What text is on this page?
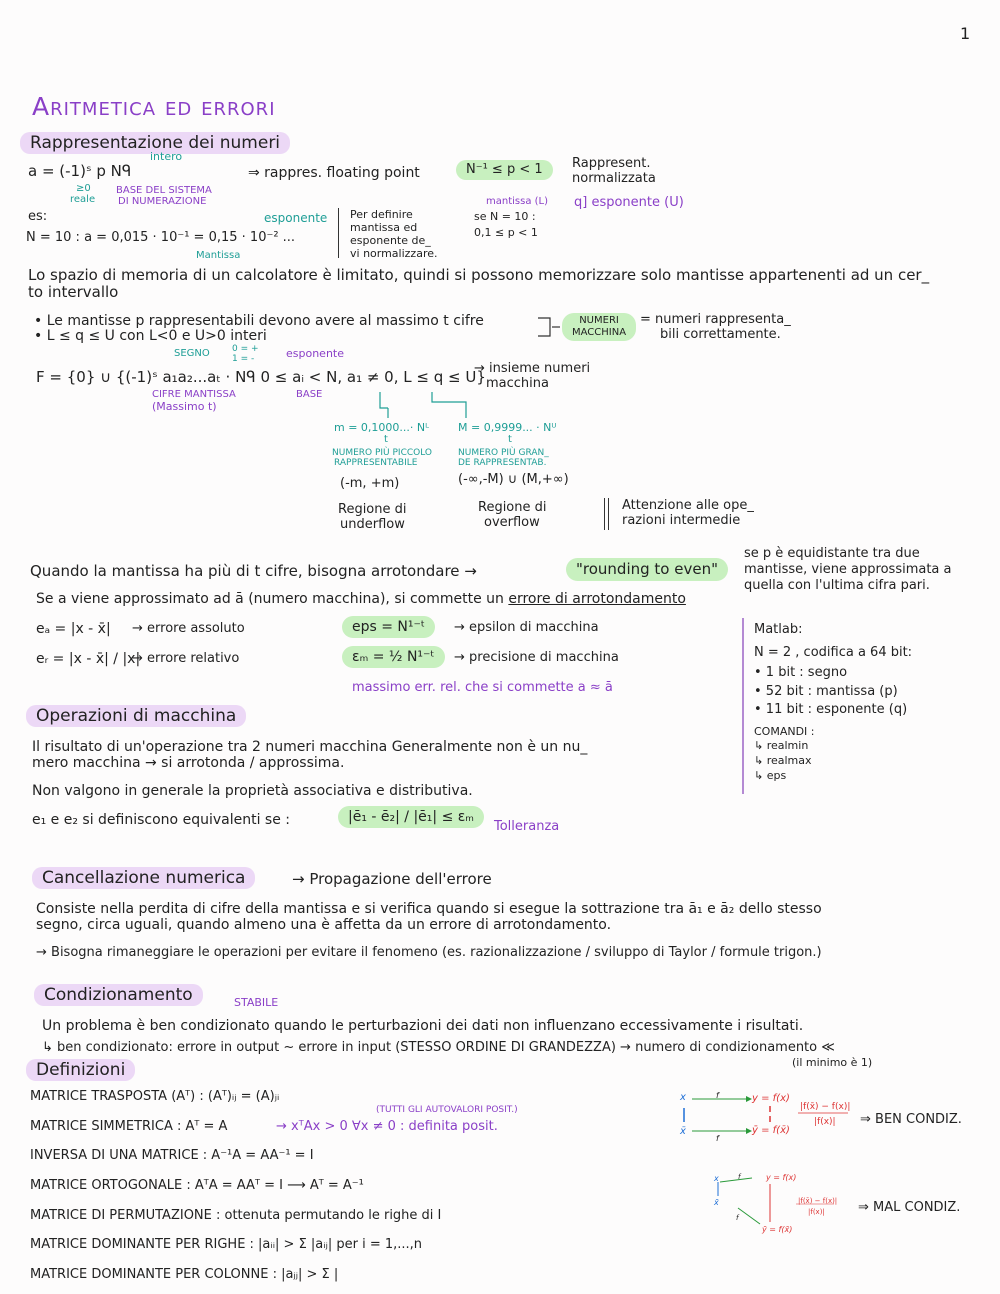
1
Aritmetica ed errori
Rappresentazione dei numeri
a = (-1)ˢ p Nᑫ
intero
≥0
reale
BASE DEL SISTEMA
DI NUMERAZIONE
⇒ rappres. floating point	N⁻¹ ≤ p < 1	Rappresent.
normalizzata
mantissa (L) q] esponente (U)
es:
N = 10 : a = 0,015 · 10⁻¹ = 0,15 · 10⁻² ...
esponente
Mantissa
Per definire
mantissa ed
esponente de_
vi normalizzare.
se N = 10 :
0,1 ≤ p < 1
Lo spazio di memoria di un calcolatore è limitato, quindi si possono memorizzare solo mantisse appartenenti ad un cer_
to intervallo
• Le mantisse p rappresentabili devono avere al massimo t cifre
• L ≤ q ≤ U con L<0 e U>0 interi
NUMERI
MACCHINA
= numeri rappresenta_
bili correttamente.
SEGNO 0 = +
1 = -	esponente
F = {0} ∪ {(-1)ˢ a₁a₂...aₜ · Nᑫ 0 ≤ aᵢ < N, a₁ ≠ 0, L ≤ q ≤ U}
→ insieme numeri
macchina
CIFRE MANTISSA
(Massimo t)
BASE
m = 0,1000...· Nᴸ
t
NUMERO PIÙ PICCOLO
RAPPRESENTABILE
(-m, +m)
Regione di
underflow
M = 0,9999... · Nᵁ
t
NUMERO PIÙ GRAN_
DE RAPPRESENTAB.
(-∞,-M) ∪ (M,+∞)
Regione di
overflow
Attenzione alle ope_
razioni intermedie
Quando la mantissa ha più di t cifre, bisogna arrotondare →	"rounding to even"
se p è equidistante tra due
mantisse, viene approssimata a
quella con l'ultima cifra pari.
Se a viene approssimato ad ā (numero macchina), si commette un errore di arrotondamento
eₐ = |x - x̄| → errore assoluto
eᵣ = |x - x̄| / |x|
→ errore relativo
eps = N¹⁻ᵗ	→ epsilon di macchina
εₘ = ½ N¹⁻ᵗ	→ precisione di macchina
massimo err. rel. che si commette a ≈ ā
Matlab:
N = 2 , codifica a 64 bit:
• 1 bit : segno
• 52 bit : mantissa (p)
• 11 bit : esponente (q)
COMANDI :
↳ realmin
↳ realmax
↳ eps
Operazioni di macchina
Il risultato di un'operazione tra 2 numeri macchina Generalmente non è un nu_
mero macchina → si arrotonda / approssima.
Non valgono in generale la proprietà associativa e distributiva.
e₁ e e₂ si definiscono equivalenti se :	|ē₁ - ē₂| / |ē₁| ≤ εₘ
Tolleranza
Cancellazione numerica	→ Propagazione dell'errore
Consiste nella perdita di cifre della mantissa e si verifica quando si esegue la sottrazione tra ā₁ e ā₂ dello stesso
segno, circa uguali, quando almeno una è affetta da un errore di arrotondamento.
→ Bisogna rimaneggiare le operazioni per evitare il fenomeno (es. razionalizzazione / sviluppo di Taylor / formule trigon.)
Condizionamento	STABILE
Un problema è ben condizionato quando le perturbazioni dei dati non influenzano eccessivamente i risultati.
↳ ben condizionato: errore in output ~ errore in input (STESSO ORDINE DI GRANDEZZA) → numero di condizionamento ≪
(il minimo è 1)
Definizioni
MATRICE TRASPOSTA (Aᵀ) : (Aᵀ)ᵢⱼ = (A)ⱼᵢ
MATRICE SIMMETRICA : Aᵀ = A	→ xᵀAx > 0 ∀x ≠ 0 : definita posit.
(TUTTI GLI AUTOVALORI POSIT.)
INVERSA DI UNA MATRICE : A⁻¹A = AA⁻¹ = I
MATRICE ORTOGONALE : AᵀA = AAᵀ = I ⟶ Aᵀ = A⁻¹
MATRICE DI PERMUTAZIONE : ottenuta permutando le righe di I
MATRICE DOMINANTE PER RIGHE : |aᵢᵢ| > Σ |aᵢⱼ| per i = 1,...,n
MATRICE DOMINANTE PER COLONNE : |aⱼⱼ| > Σ |
x
x̄
f
f
y = f(x)
ȳ = f(x̄)
|f(x̄) − f(x)|
|f(x)| ⇒ BEN CONDIZ.
x
x̄
f
f
y = f(x)
ȳ = f(x̄)
|f(x̄) − f(x)|
|f(x)|	⇒ MAL CONDIZ.
